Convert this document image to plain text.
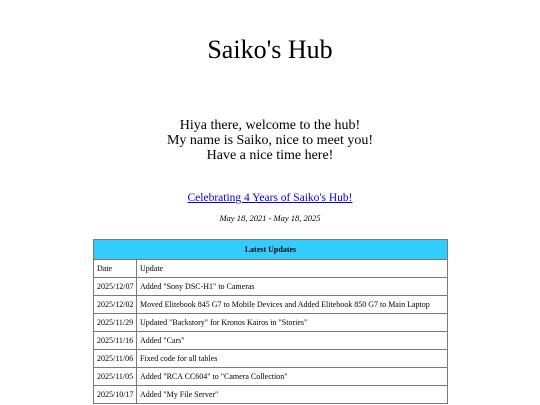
Saiko's Hub
Hiya there, welcome to the hub!
My name is Saiko, nice to meet you!
Have a nice time here!
Celebrating 4 Years of Saiko's Hub!
May 18, 2021 - May 18, 2025
Latest Updates	
Date	Update
2025/12/07	Added "Sony DSC-H1" to Cameras
2025/12/02	Moved Elitebook 845 G7 to Mobile Devices and Added Elitebook 850 G7 to Main Laptop
2025/11/29	Updated "Backstory" for Kronos Kairos in "Stories"
2025/11/16	Added "Cars"
2025/11/06	Fixed code for all tables
2025/11/05	Added "RCA CC604" to "Camera Collection"
2025/10/17	Added "My File Server"
